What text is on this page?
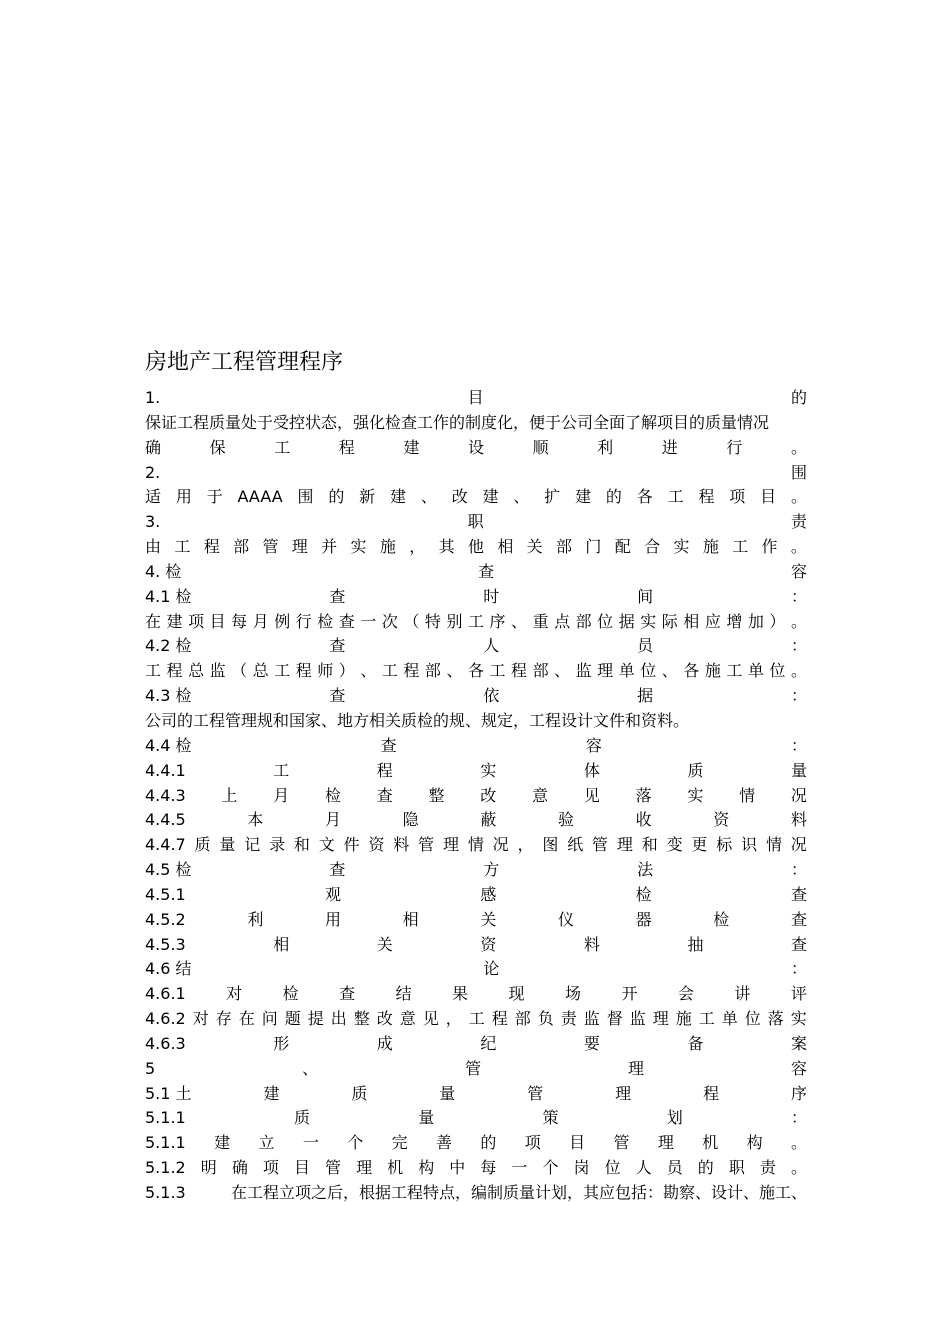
房地产工程管理程序
1.	目	的
保证工程质量处于受控状态，强化检查工作的制度化，便于公司全面了解项目的质量情况
确	保	工	程	建	设	顺	利	进	行	。
2.	围
适 用 于 AAAA 围 的 新 建 、 改 建 、 扩 建 的 各 工 程 项 目 。
3.	职	责
由 工 程 部 管 理 并 实 施 ， 其 他 相 关 部 门 配 合 实 施 工 作 。
4. 检	查	容
4.1 检	查	时	间	：
在 建 项 目 每 月 例 行 检 查 一 次 （ 特 别 工 序 、 重 点 部 位 据 实 际 相 应 增 加 ） 。
4.2 检	查	人	员	：
工 程 总 监 （ 总 工 程 师 ） 、 工 程 部 、 各 工 程 部 、 监 理 单 位 、 各 施 工 单 位 。
4.3 检	查	依	据	：
公司的工程管理规和国家、地方相关质检的规、规定，工程设计文件和资料。
4.4 检	查	容	：
4.4.1	工	程	实	体	质	量
4.4.3 上 月 检 查 整 改 意 见 落 实 情 况
4.4.5	本	月	隐	蔽	验	收	资	料
4.4.7 质 量 记 录 和 文 件 资 料 管 理 情 况 ， 图 纸 管 理 和 变 更 标 识 情 况
4.5 检	查	方	法	：
4.5.1	观	感	检	查
4.5.2	利	用	相	关	仪	器	检	查
4.5.3	相	关	资	料	抽	查
4.6 结	论	：
4.6.1	对	检	查	结	果	现	场	开	会	讲	评
4.6.2 对 存 在 问 题 提 出 整 改 意 见 ， 工 程 部 负 责 监 督 监 理 施 工 单 位 落 实
4.6.3	形	成	纪	要	备	案
5	、	管	理	容
5.1 土	建	质	量	管	理	程	序
5.1.1	质	量	策	划	：
5.1.1 建 立 一 个 完 善 的 项 目 管 理 机 构 。
5.1.2 明 确 项 目 管 理 机 构 中 每 一 个 岗 位 人 员 的 职 责 。
5.1.3	在工程立项之后，根据工程特点，编制质量计划，其应包括：勘察、设计、施工、
